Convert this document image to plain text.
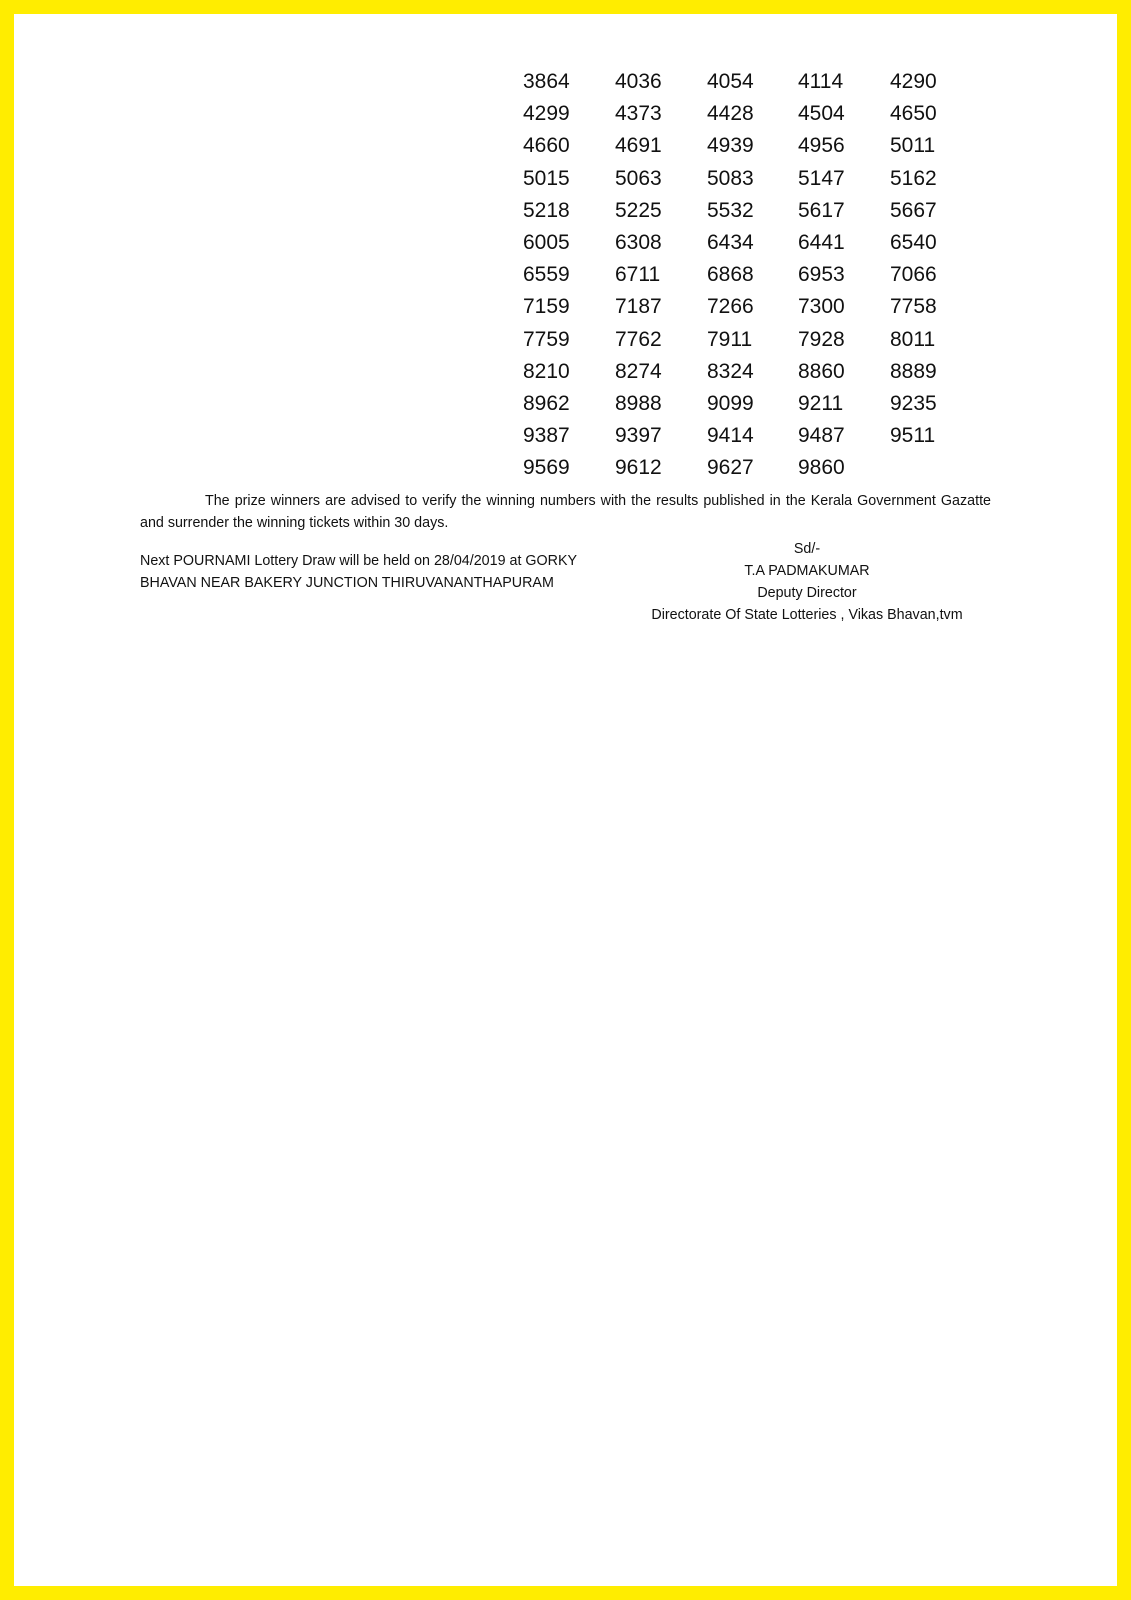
3864 4036 4054 4114 4290
4299 4373 4428 4504 4650
4660 4691 4939 4956 5011
5015 5063 5083 5147 5162
5218 5225 5532 5617 5667
6005 6308 6434 6441 6540
6559 6711 6868 6953 7066
7159 7187 7266 7300 7758
7759 7762 7911 7928 8011
8210 8274 8324 8860 8889
8962 8988 9099 9211 9235
9387 9397 9414 9487 9511
9569 9612 9627 9860

The prize winners are advised to verify the winning numbers with the results published in the Kerala Government Gazatte and surrender the winning tickets within 30 days.

Next POURNAMI Lottery Draw will be held on 28/04/2019 at GORKY
BHAVAN NEAR BAKERY JUNCTION THIRUVANANTHAPURAM
Sd/-
T.A PADMAKUMAR
Deputy Director
Directorate Of State Lotteries , Vikas Bhavan,tvm
